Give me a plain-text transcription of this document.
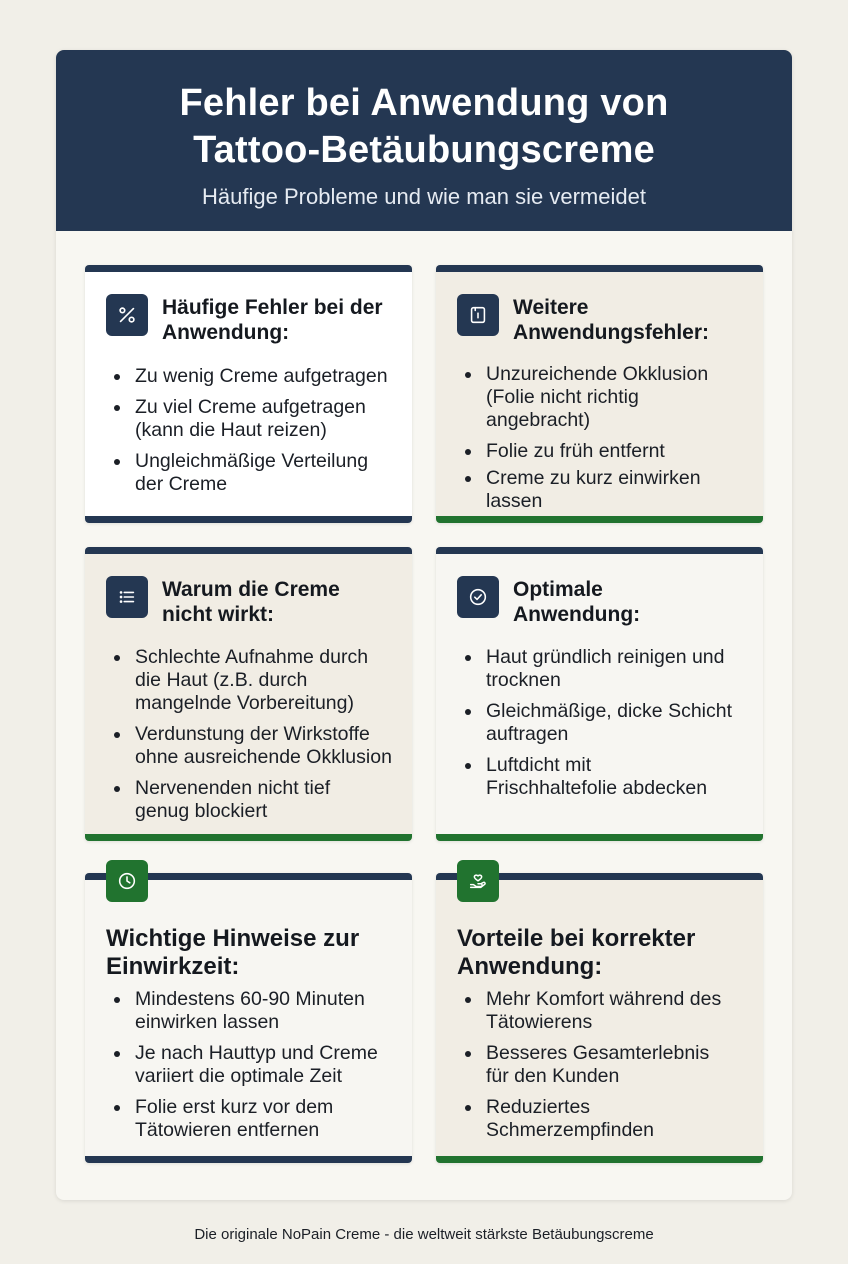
Fehler bei Anwendung von
Tattoo-Betäubungscreme
Häufige Probleme und wie man sie vermeidet
Häufige Fehler bei der
Anwendung:
Zu wenig Creme aufgetragen
Zu viel Creme aufgetragen
(kann die Haut reizen)
Ungleichmäßige Verteilung
der Creme
Weitere
Anwendungsfehler:
Unzureichende Okklusion
(Folie nicht richtig
angebracht)
Folie zu früh entfernt
Creme zu kurz einwirken
lassen
Warum die Creme
nicht wirkt:
Schlechte Aufnahme durch
die Haut (z.B. durch
mangelnde Vorbereitung)
Verdunstung der Wirkstoffe
ohne ausreichende Okklusion
Nervenenden nicht tief
genug blockiert
Optimale
Anwendung:
Haut gründlich reinigen und
trocknen
Gleichmäßige, dicke Schicht
auftragen
Luftdicht mit
Frischhaltefolie abdecken
Wichtige Hinweise zur
Einwirkzeit:
Mindestens 60-90 Minuten
einwirken lassen
Je nach Hauttyp und Creme
variiert die optimale Zeit
Folie erst kurz vor dem
Tätowieren entfernen
Vorteile bei korrekter
Anwendung:
Mehr Komfort während des
Tätowierens
Besseres Gesamterlebnis
für den Kunden
Reduziertes
Schmerzempfinden
Die originale NoPain Creme - die weltweit stärkste Betäubungscreme
